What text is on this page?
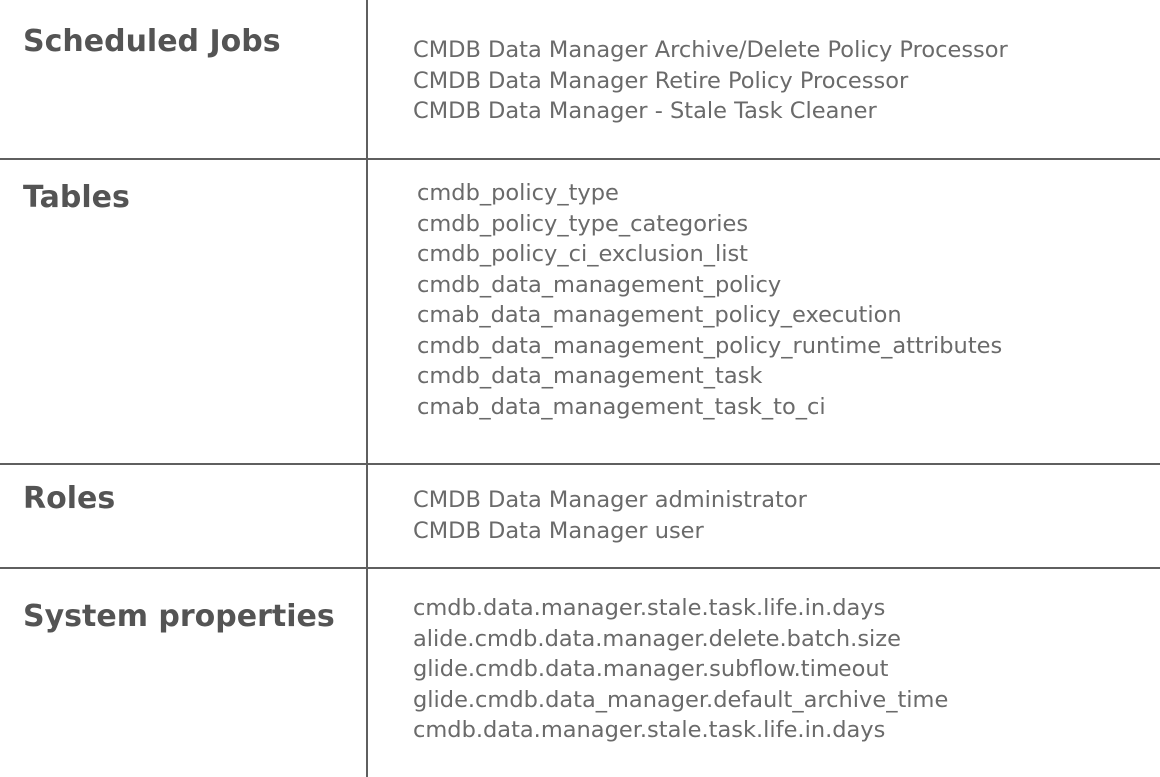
Scheduled Jobs	CMDB Data Manager Archive/Delete Policy Processor
CMDB Data Manager Retire Policy Processor
CMDB Data Manager - Stale Task Cleaner
Tables	cmdb_policy_type
cmdb_policy_type_categories
cmdb_policy_ci_exclusion_list
cmdb_data_management_policy
cmab_data_management_policy_execution
cmdb_data_management_policy_runtime_attributes
cmdb_data_management_task
cmab_data_management_task_to_ci
Roles	CMDB Data Manager administrator
CMDB Data Manager user
System properties	cmdb.data.manager.stale.task.life.in.days
alide.cmdb.data.manager.delete.batch.size
glide.cmdb.data.manager.subflow.timeout
glide.cmdb.data_manager.default_archive_time
cmdb.data.manager.stale.task.life.in.days
